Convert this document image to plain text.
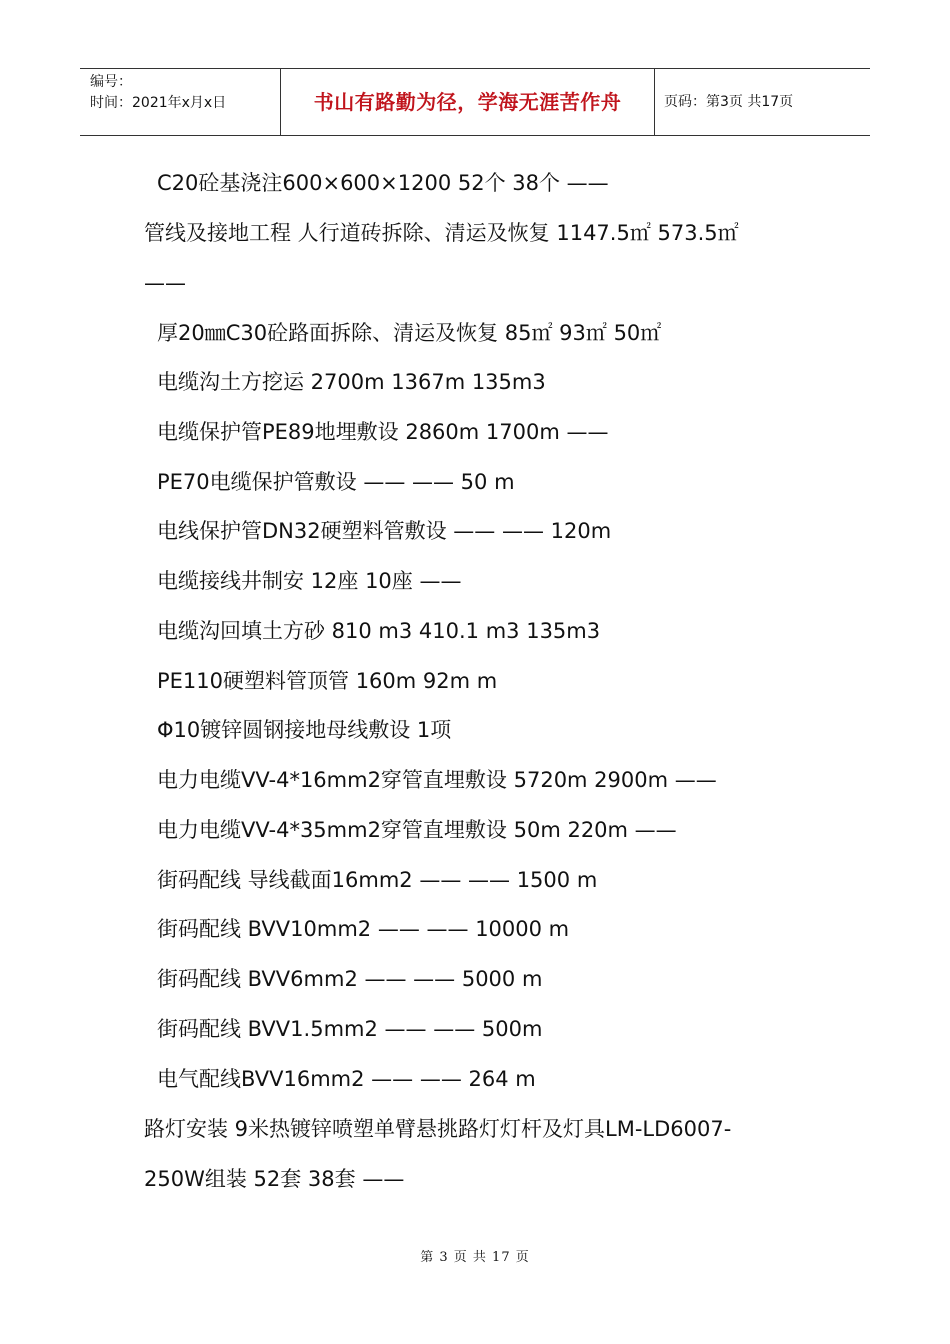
编号：
时间：2021年x月x日	书山有路勤为径，学海无涯苦作舟	页码：第3页 共17页
C20砼基浇注600×600×1200 52个 38个 ——
管线及接地工程 人行道砖拆除、清运及恢复 1147.5㎡ 573.5㎡
——
厚20㎜C30砼路面拆除、清运及恢复 85㎡ 93㎡ 50㎡
电缆沟土方挖运 2700m 1367m 135m3
电缆保护管PE89地埋敷设 2860m 1700m ——
PE70电缆保护管敷设 —— —— 50 m
电线保护管DN32硬塑料管敷设 —— —— 120m
电缆接线井制安 12座 10座 ——
电缆沟回填土方砂 810 m3 410.1 m3 135m3
PE110硬塑料管顶管 160m 92m m
Φ10镀锌圆钢接地母线敷设 1项
电力电缆VV-4*16mm2穿管直埋敷设 5720m 2900m ——
电力电缆VV-4*35mm2穿管直埋敷设 50m 220m ——
街码配线 导线截面16mm2 —— —— 1500 m
街码配线 BVV10mm2 —— —— 10000 m
街码配线 BVV6mm2 —— —— 5000 m
街码配线 BVV1.5mm2 —— —— 500m
电气配线BVV16mm2 —— —— 264 m
路灯安装 9米热镀锌喷塑单臂悬挑路灯灯杆及灯具LM-LD6007-
250W组装 52套 38套 ——
第 3 页 共 17 页
